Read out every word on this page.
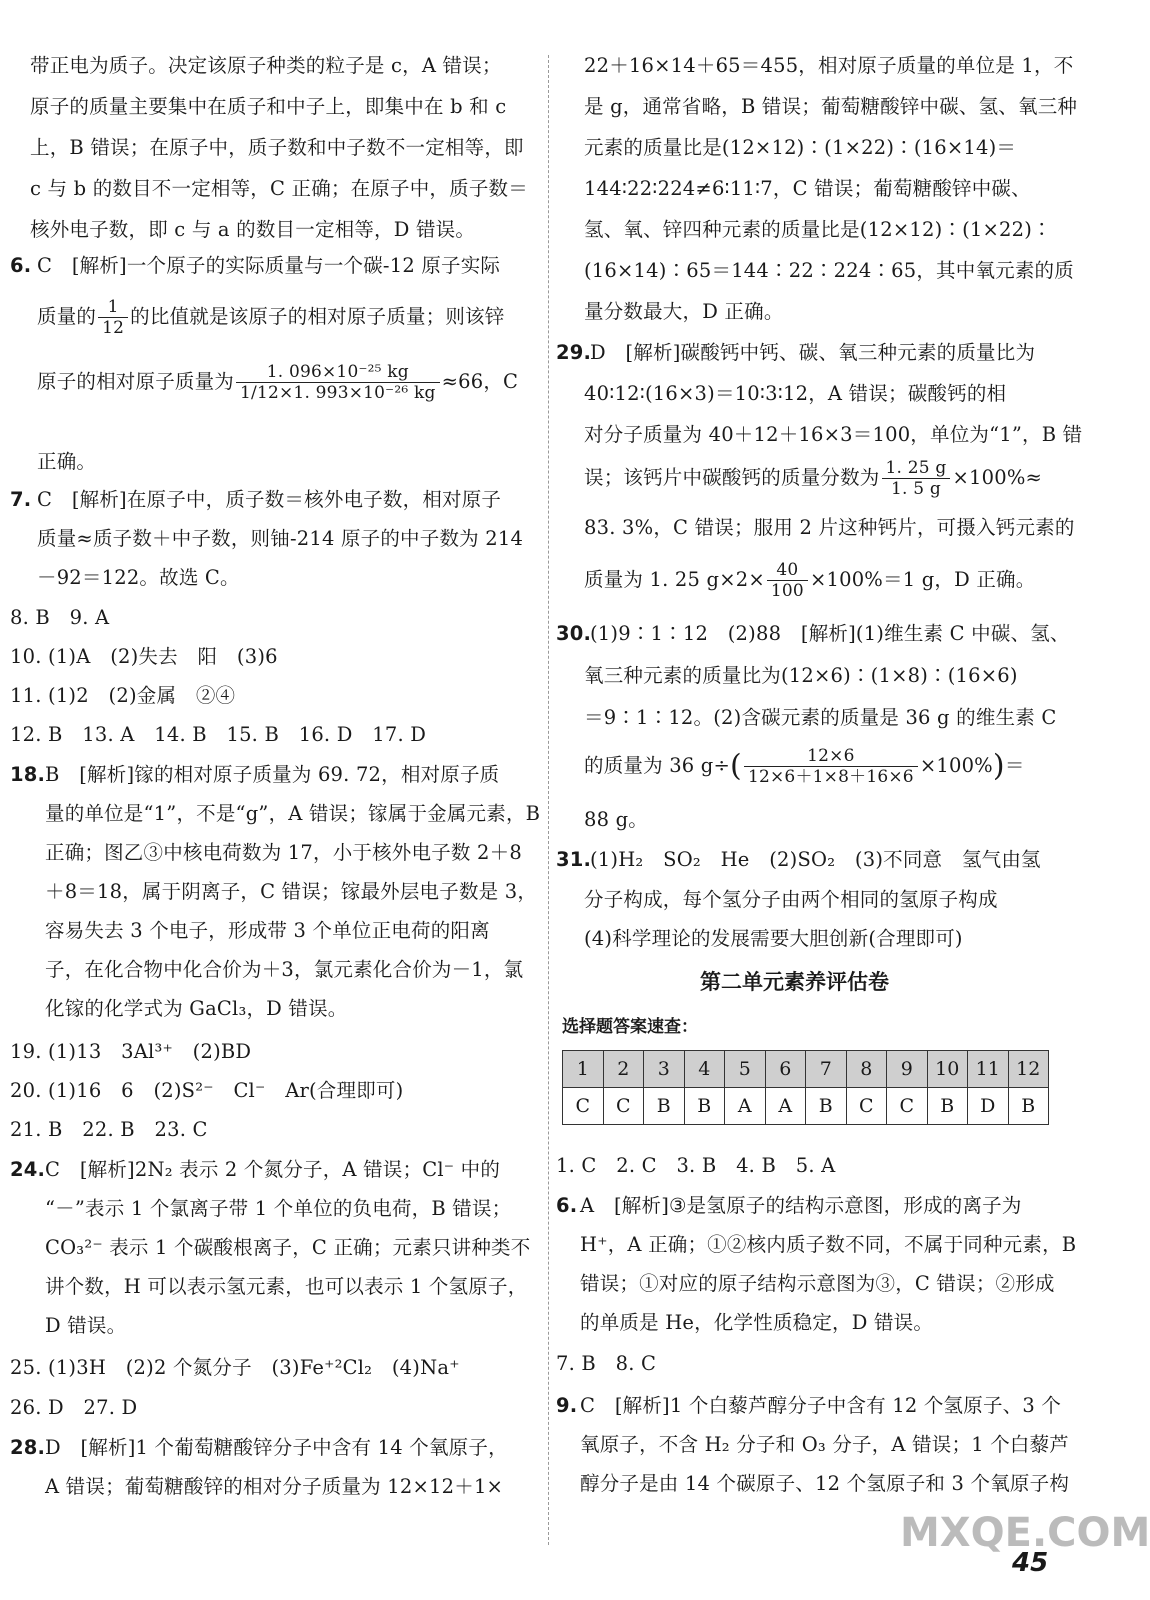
带正电为质子。决定该原子种类的粒子是 c，A 错误；
原子的质量主要集中在质子和中子上，即集中在 b 和 c
上，B 错误；在原子中，质子数和中子数不一定相等，即
c 与 b 的数目不一定相等，C 正确；在原子中，质子数＝
核外电子数，即 c 与 a 的数目一定相等，D 错误。
6. C　[解析]一个原子的实际质量与一个碳-12 原子实际
质量的 $\frac{1}{12}$ 的比值就是该原子的相对原子质量；则该锌
原子的相对原子质量为 $\frac{\text{1. 096×10⁻²⁵ kg}}{\text{1/12×1. 993×10⁻²⁶ kg}} \approx 66$，C
正确。
7. C　[解析]在原子中，质子数＝核外电子数，相对原子
质量≈质子数＋中子数，则铀-214 原子的中子数为 214
－92＝122。故选 C。
8. B　9. A
10. (1)A　(2)失去　阳　(3)6
11. (1)2　(2)金属　②④
12. B　13. A　14. B　15. B　16. D　17. D
18. B　[解析]镓的相对原子质量为 69. 72，相对原子质
量的单位是“1”，不是“g”，A 错误；镓属于金属元素，B
正确；图乙③中核电荷数为 17，小于核外电子数 2＋8
＋8＝18，属于阴离子，C 错误；镓最外层电子数是 3，
容易失去 3 个电子，形成带 3 个单位正电荷的阳离
子，在化合物中化合价为＋3，氯元素化合价为－1，氯
化镓的化学式为 GaCl₃，D 错误。
19. (1)13　3Al³⁺　(2)BD
20. (1)16　6　(2)S²⁻　Cl⁻　Ar(合理即可)
21. B　22. B　23. C
24. C　[解析]2N₂ 表示 2 个氮分子，A 错误；Cl⁻ 中的
“－”表示 1 个氯离子带 1 个单位的负电荷，B 错误；
CO₃²⁻ 表示 1 个碳酸根离子，C 正确；元素只讲种类不
讲个数，H 可以表示氢元素，也可以表示 1 个氢原子，
D 错误。
25. (1)3H　(2)2 个氮分子　(3)Fe⁺²Cl₂　(4)Na⁺
26. D　27. D
28. D　[解析]1 个葡萄糖酸锌分子中含有 14 个氧原子，
A 错误；葡萄糖酸锌的相对分子质量为 12×12＋1×
22＋16×14＋65＝455，相对原子质量的单位是 1，不
是 g，通常省略，B 错误；葡萄糖酸锌中碳、氢、氧三种
元素的质量比是(12×12)∶(1×22)∶(16×14)＝
144∶22∶224≠6∶11∶7，C 错误；葡萄糖酸锌中碳、
氢、氧、锌四种元素的质量比是(12×12)∶(1×22)∶
(16×14)∶65＝144∶22∶224∶65，其中氧元素的质
量分数最大，D 正确。
29.
D　[解析]碳酸钙中钙、碳、氧三种元素的质量比为
40∶12∶(16×3)＝10∶3∶12，A 错误；碳酸钙的相
对分子质量为 40＋12＋16×3＝100，单位为“1”，B 错
误；该钙片中碳酸钙的质量分数为 $\frac{1. 25 g}{1. 5 g} \times 100\%\approx$
83. 3%，C 错误；服用 2 片这种钙片，可摄入钙元素的
质量为 1. 25 $g\times 2\times \frac{40}{100} \times 100\%=1$ g，D 正确。
30.
(1)9∶1∶12　(2)88　[解析](1)维生素 C 中碳、氢、
氧三种元素的质量比为(12×6)∶(1×8)∶(16×6)
＝9∶1∶12。(2)含碳元素的质量是 36 g 的维生素 C
的质量为 36 $g\div( \frac{12\times 6}{12\times 6+1\times 8+16\times 6} \times 100\%)=$
88 g。
31.
(1)H₂　SO₂　He　(2)SO₂　(3)不同意　氢气由氢
分子构成，每个氢分子由两个相同的氢原子构成
(4)科学理论的发展需要大胆创新(合理即可)
第二单元素养评估卷
选择题答案速查：
1	2	3	4	5	6	7	8	9	10	11	12
C	C	B	B	A	A	B	C	C	B	D	B
1. C　2. C　3. B　4. B　5. A
6. A　[解析]③是氢原子的结构示意图，形成的离子为
H⁺，A 正确；①②核内质子数不同，不属于同种元素，B
错误；①对应的原子结构示意图为③，C 错误；②形成
的单质是 He，化学性质稳定，D 错误。
7. B　8. C
9. C　[解析]1 个白藜芦醇分子中含有 12 个氢原子、3 个
氧原子，不含 H₂ 分子和 O₃ 分子，A 错误；1 个白藜芦
醇分子是由 14 个碳原子、12 个氢原子和 3 个氧原子构
MXQE.COM
45
